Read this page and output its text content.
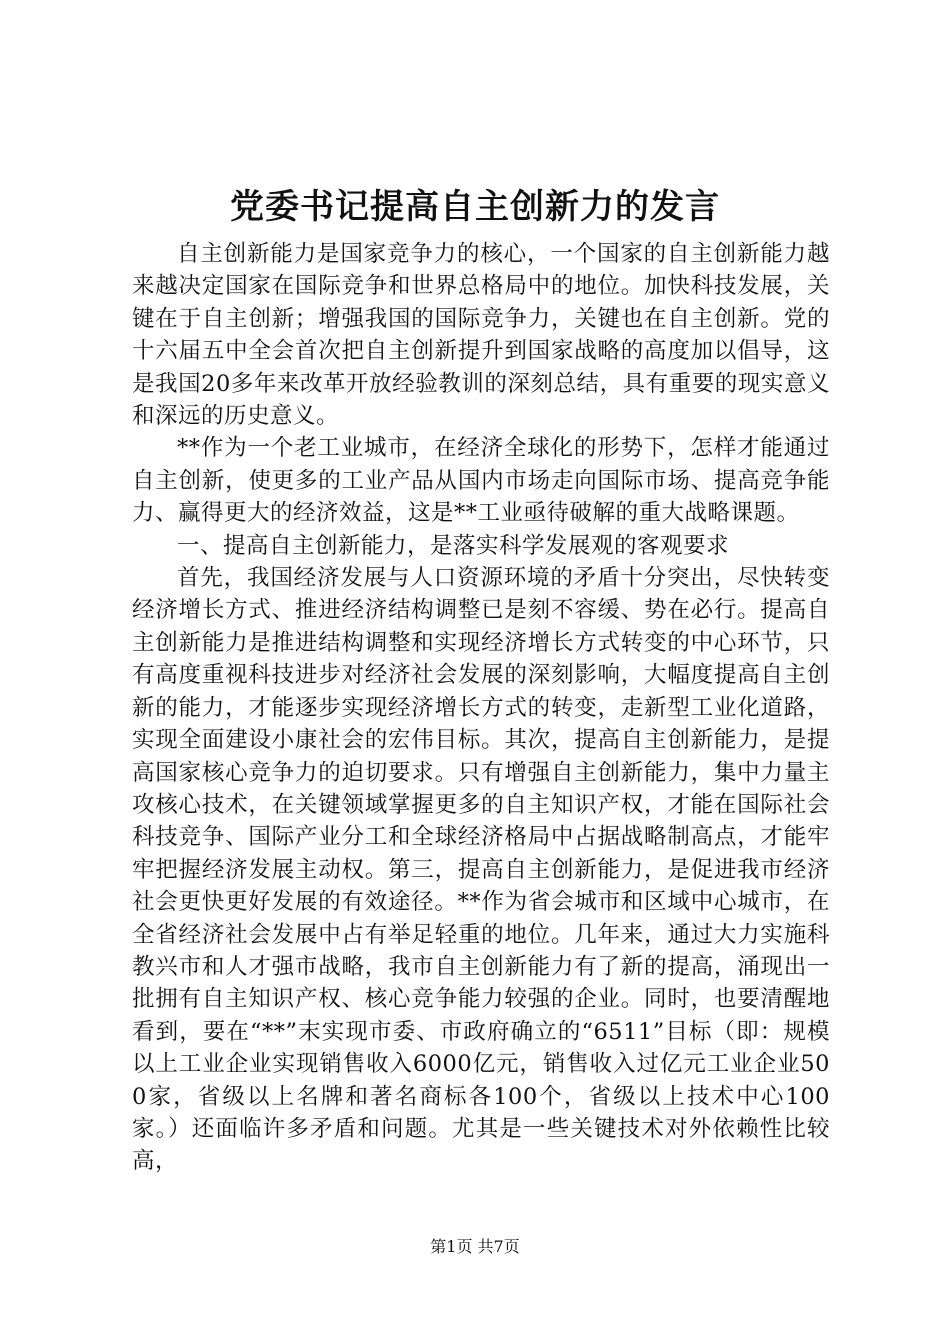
党委书记提高自主创新力的发言

自主创新能力是国家竞争力的核心，一个国家的自主创新能力越来越决定国家在国际竞争和世界总格局中的地位。加快科技发展，关键在于自主创新；增强我国的国际竞争力，关键也在自主创新。党的十六届五中全会首次把自主创新提升到国家战略的高度加以倡导，这是我国20多年来改革开放经验教训的深刻总结，具有重要的现实意义和深远的历史意义。

**作为一个老工业城市，在经济全球化的形势下，怎样才能通过自主创新，使更多的工业产品从国内市场走向国际市场、提高竞争能力、赢得更大的经济效益，这是**工业亟待破解的重大战略课题。

一、提高自主创新能力，是落实科学发展观的客观要求

首先，我国经济发展与人口资源环境的矛盾十分突出，尽快转变经济增长方式、推进经济结构调整已是刻不容缓、势在必行。提高自主创新能力是推进结构调整和实现经济增长方式转变的中心环节，只有高度重视科技进步对经济社会发展的深刻影响，大幅度提高自主创新的能力，才能逐步实现经济增长方式的转变，走新型工业化道路，实现全面建设小康社会的宏伟目标。其次，提高自主创新能力，是提高国家核心竞争力的迫切要求。只有增强自主创新能力，集中力量主攻核心技术，在关键领域掌握更多的自主知识产权，才能在国际社会科技竞争、国际产业分工和全球经济格局中占据战略制高点，才能牢牢把握经济发展主动权。第三，提高自主创新能力，是促进我市经济社会更快更好发展的有效途径。**作为省会城市和区域中心城市，在全省经济社会发展中占有举足轻重的地位。几年来，通过大力实施科教兴市和人才强市战略，我市自主创新能力有了新的提高，涌现出一批拥有自主知识产权、核心竞争能力较强的企业。同时，也要清醒地看到，要在“**”末实现市委、市政府确立的“6511”目标（即：规模以上工业企业实现销售收入6000亿元，销售收入过亿元工业企业500家，省级以上名牌和著名商标各100个，省级以上技术中心100家。）还面临许多矛盾和问题。尤其是一些关键技术对外依赖性比较高，

第1页 共7页
